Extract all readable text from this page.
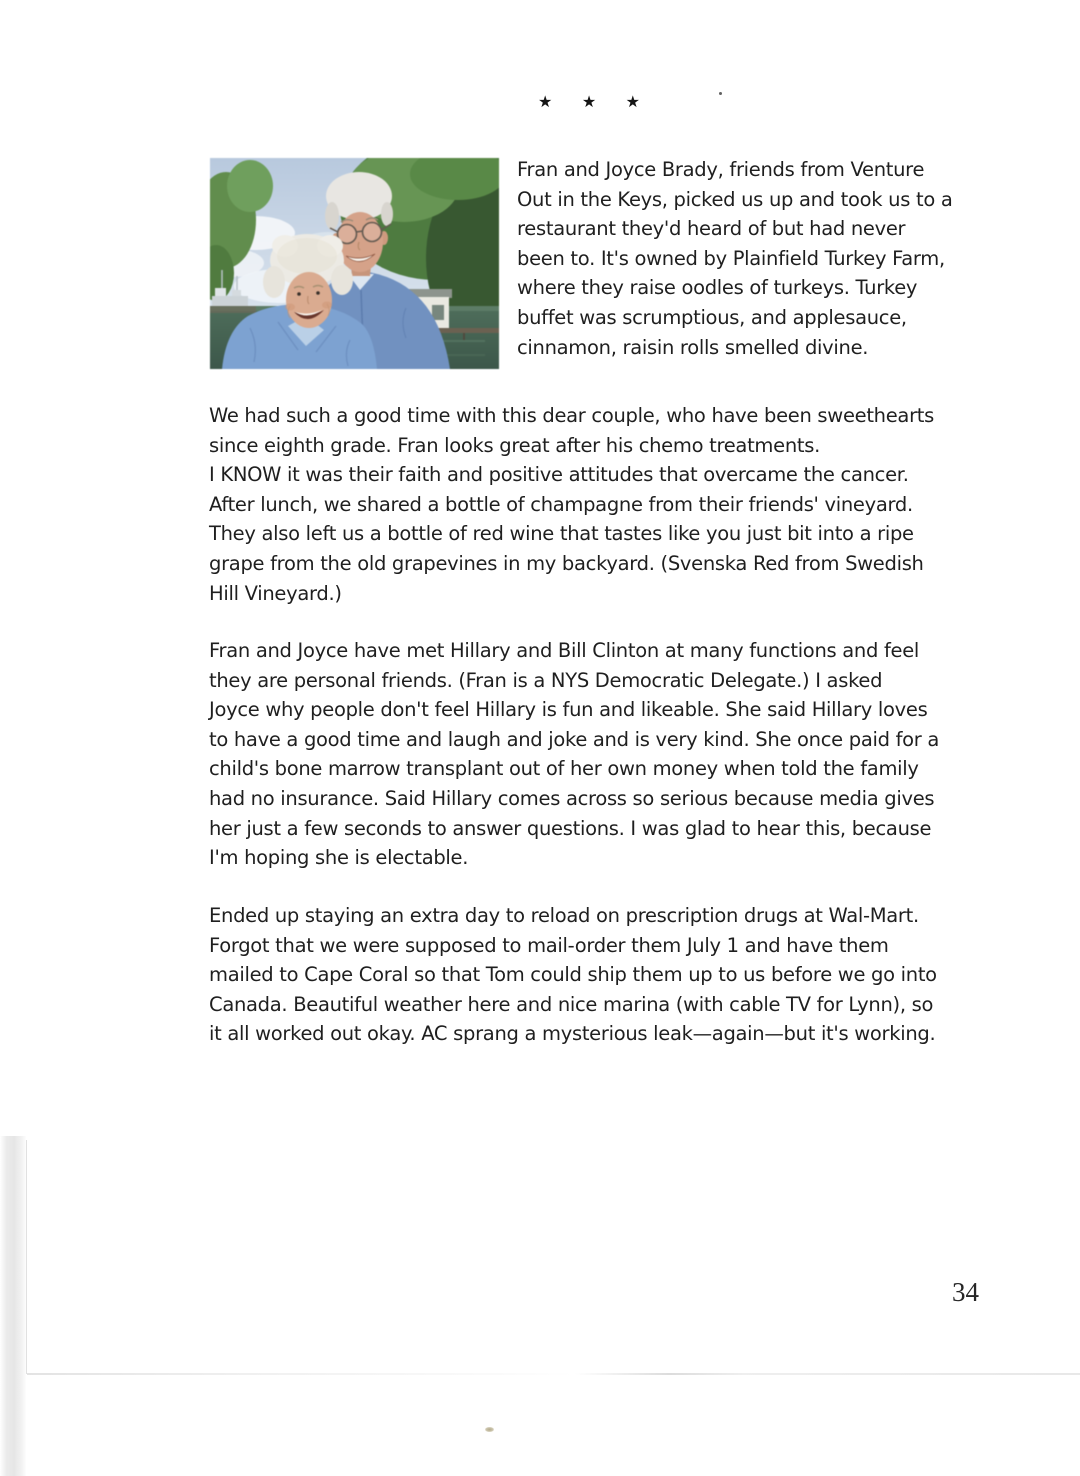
★ ★ ★
Fran and Joyce Brady, friends from Venture
Out in the Keys, picked us up and took us to a
restaurant they'd heard of but had never
been to. It's owned by Plainfield Turkey Farm,
where they raise oodles of turkeys. Turkey
buffet was scrumptious, and applesauce,
cinnamon, raisin rolls smelled divine.
We had such a good time with this dear couple, who have been sweethearts
since eighth grade. Fran looks great after his chemo treatments.
I KNOW it was their faith and positive attitudes that overcame the cancer.
After lunch, we shared a bottle of champagne from their friends' vineyard.
They also left us a bottle of red wine that tastes like you just bit into a ripe
grape from the old grapevines in my backyard. (Svenska Red from Swedish
Hill Vineyard.)
Fran and Joyce have met Hillary and Bill Clinton at many functions and feel
they are personal friends. (Fran is a NYS Democratic Delegate.) I asked
Joyce why people don't feel Hillary is fun and likeable. She said Hillary loves
to have a good time and laugh and joke and is very kind. She once paid for a
child's bone marrow transplant out of her own money when told the family
had no insurance. Said Hillary comes across so serious because media gives
her just a few seconds to answer questions. I was glad to hear this, because
I'm hoping she is electable.
Ended up staying an extra day to reload on prescription drugs at Wal-Mart.
Forgot that we were supposed to mail-order them July 1 and have them
mailed to Cape Coral so that Tom could ship them up to us before we go into
Canada. Beautiful weather here and nice marina (with cable TV for Lynn), so
it all worked out okay. AC sprang a mysterious leak—again—but it's working.
34
